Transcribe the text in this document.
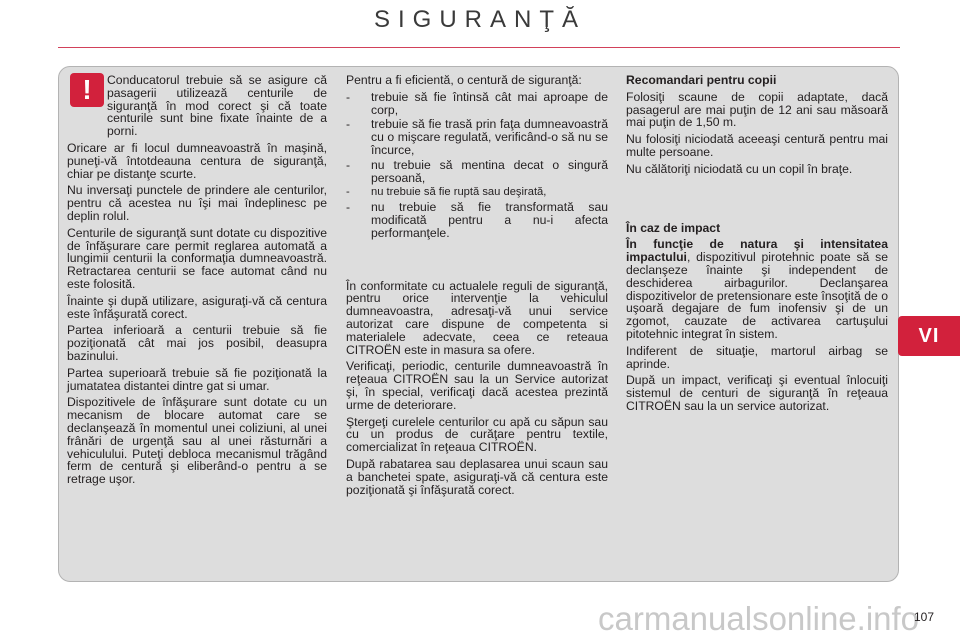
SIGURANŢĂ
!	Conducatorul trebuie să se asigure că pasagerii utilizează centurile de siguranţă în mod corect şi că toate centurile sunt bine fixate înainte de a porni.

Oricare ar fi locul dumneavoastră în maşină, puneţi-vă întotdeauna centura de siguranţă, chiar pe distanţe scurte.

Nu inversaţi punctele de prindere ale centurilor, pentru că acestea nu îşi mai îndeplinesc pe deplin rolul.

Centurile de siguranţă sunt dotate cu dispozitive de înfăşurare care permit reglarea automată a lungimii centurii la conformaţia dumneavoastră. Retractarea centurii se face automat când nu este folosită.

Înainte şi după utilizare, asiguraţi-vă că centura este înfăşurată corect.

Partea inferioară a centurii trebuie să fie poziţionată cât mai jos posibil, deasupra bazinului.

Partea superioară trebuie să fie poziţionată la jumatatea distantei dintre gat si umar.

Dispozitivele de înfăşurare sunt dotate cu un mecanism de blocare automat care se declanşează în momentul unei coliziuni, al unei frânări de urgenţă sau al unei răsturnări a vehiculului. Puteţi debloca mecanismul trăgând ferm de centură şi eliberând-o pentru a se retrage uşor.

Pentru a fi eficientă, o centură de siguranţă:

- trebuie să fie întinsă cât mai aproape de corp,
- trebuie să fie trasă prin faţa dumneavoastră cu o mişcare regulată, verificând-o să nu se încurce,
- nu trebuie să mentina decat o singură persoană,
- nu trebuie să fie ruptă sau deşirată,
- nu trebuie să fie transformată sau modificată pentru a nu-i afecta performanţele.

În conformitate cu actualele reguli de siguranţă, pentru orice intervenţie la vehiculul dumneavoastra, adresaţi-vă unui service autorizat care dispune de competenta si materialele adecvate, ceea ce reteaua CITROËN este in masura sa ofere.

Verificaţi, periodic, centurile dumneavoastră în reţeaua CITROËN sau la un Service autorizat şi, în special, verificaţi dacă acestea prezintă urme de deteriorare.

Ştergeţi curelele centurilor cu apă cu săpun sau cu un produs de curăţare pentru textile, comercializat în reţeaua CITROËN.

După rabatarea sau deplasarea unui scaun sau a banchetei spate, asiguraţi-vă că centura este poziţionată şi înfăşurată corect.

Recomandari pentru copii

Folosiţi scaune de copii adaptate, dacă pasagerul are mai puţin de 12 ani sau măsoară mai puţin de 1,50 m.

Nu folosiţi niciodată aceeaşi centură pentru mai multe persoane.

Nu călătoriţi niciodată cu un copil în braţe.

În caz de impact

În funcţie de natura şi intensitatea impactului, dispozitivul pirotehnic poate să se declanşeze înainte şi independent de deschiderea airbagurilor. Declanşarea dispozitivelor de pretensionare este însoţită de o uşoară degajare de fum inofensiv şi de un zgomot, cauzate de activarea cartuşului pitotehnic integrat în sistem.

Indiferent de situaţie, martorul airbag se aprinde.

După un impact, verificaţi şi eventual înlocuiţi sistemul de centuri de siguranţă în reţeaua CITROËN sau la un service autorizat.

VI
carmanualsonline.info
107
